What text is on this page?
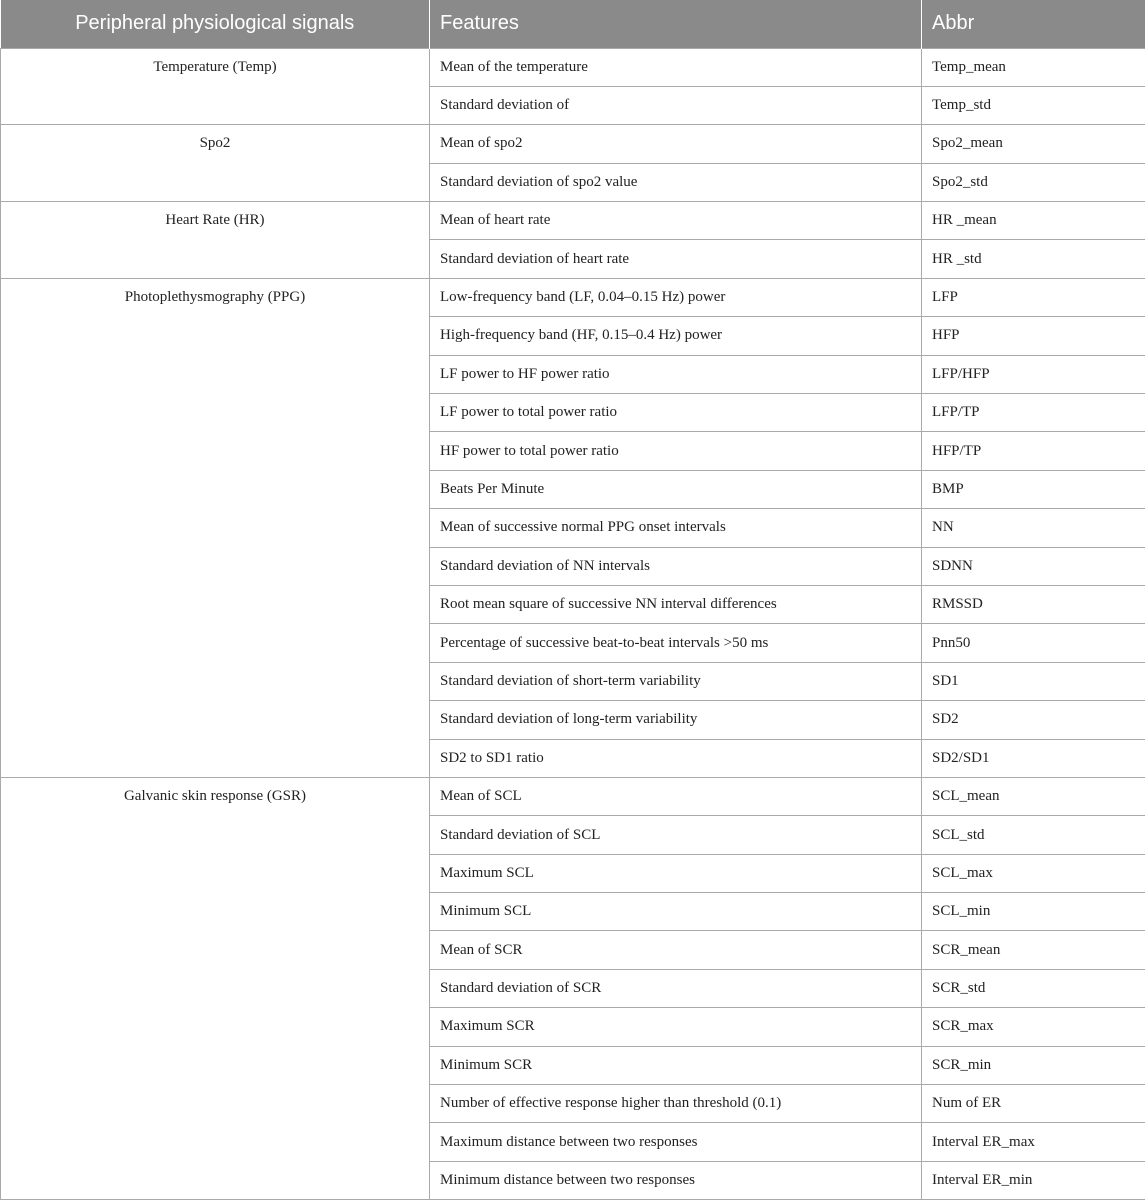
Peripheral physiological signals	Features	Abbr
Temperature (Temp)	Mean of the temperature	Temp_mean
	Standard deviation of	Temp_std
Spo2	Mean of spo2	Spo2_mean
	Standard deviation of spo2 value	Spo2_std
Heart Rate (HR)	Mean of heart rate	HR _mean
	Standard deviation of heart rate	HR _std
Photoplethysmography (PPG)	Low-frequency band (LF, 0.04–0.15 Hz) power	LFP
	High-frequency band (HF, 0.15–0.4 Hz) power	HFP
	LF power to HF power ratio	LFP/HFP
	LF power to total power ratio	LFP/TP
	HF power to total power ratio	HFP/TP
	Beats Per Minute	BMP
	Mean of successive normal PPG onset intervals	NN
	Standard deviation of NN intervals	SDNN
	Root mean square of successive NN interval differences	RMSSD
	Percentage of successive beat-to-beat intervals >50 ms	Pnn50
	Standard deviation of short-term variability	SD1
	Standard deviation of long-term variability	SD2
	SD2 to SD1 ratio	SD2/SD1
Galvanic skin response (GSR)	Mean of SCL	SCL_mean
	Standard deviation of SCL	SCL_std
	Maximum SCL	SCL_max
	Minimum SCL	SCL_min
	Mean of SCR	SCR_mean
	Standard deviation of SCR	SCR_std
	Maximum SCR	SCR_max
	Minimum SCR	SCR_min
	Number of effective response higher than threshold (0.1)	Num of ER
	Maximum distance between two responses	Interval ER_max
	Minimum distance between two responses	Interval ER_min
